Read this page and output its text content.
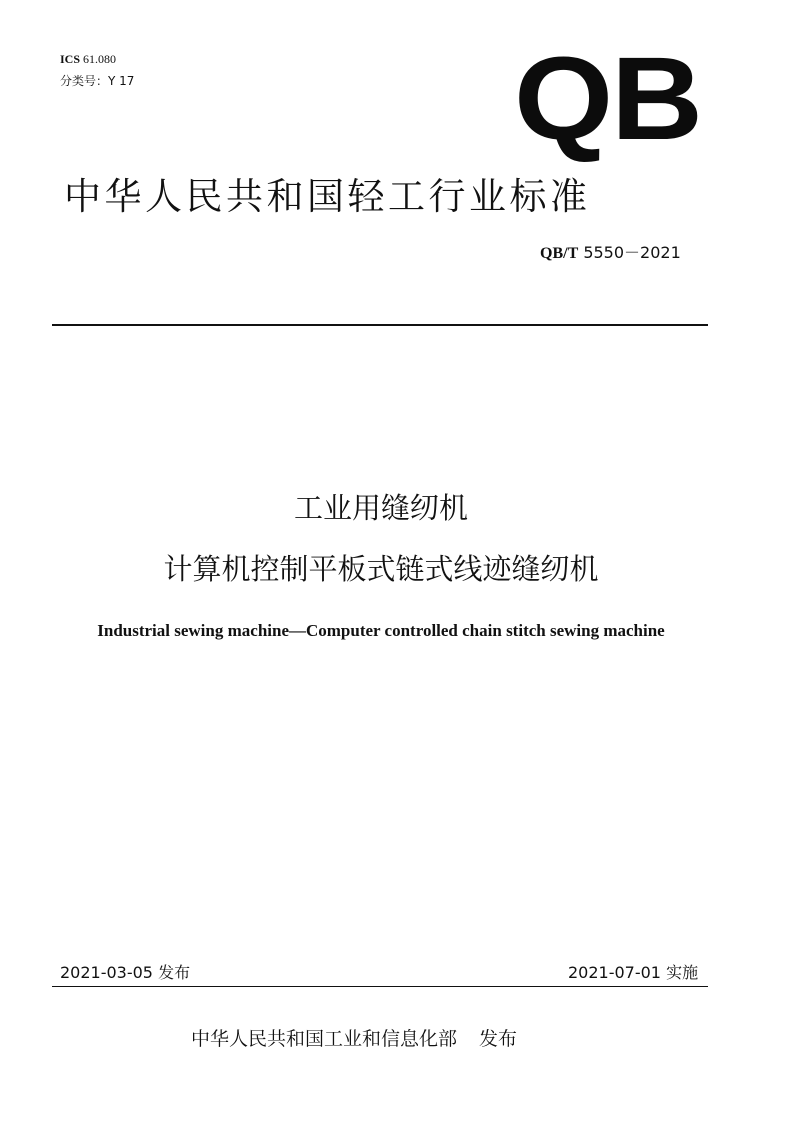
ICS 61.080
分类号：Y 17	QB
中华人民共和国轻工行业标准
QB/T 5550－2021
工业用缝纫机
计算机控制平板式链式线迹缝纫机
Industrial sewing machine—Computer controlled chain stitch sewing machine
2021-03-05 发布	2021-07-01 实施
中华人民共和国工业和信息化部 发布
